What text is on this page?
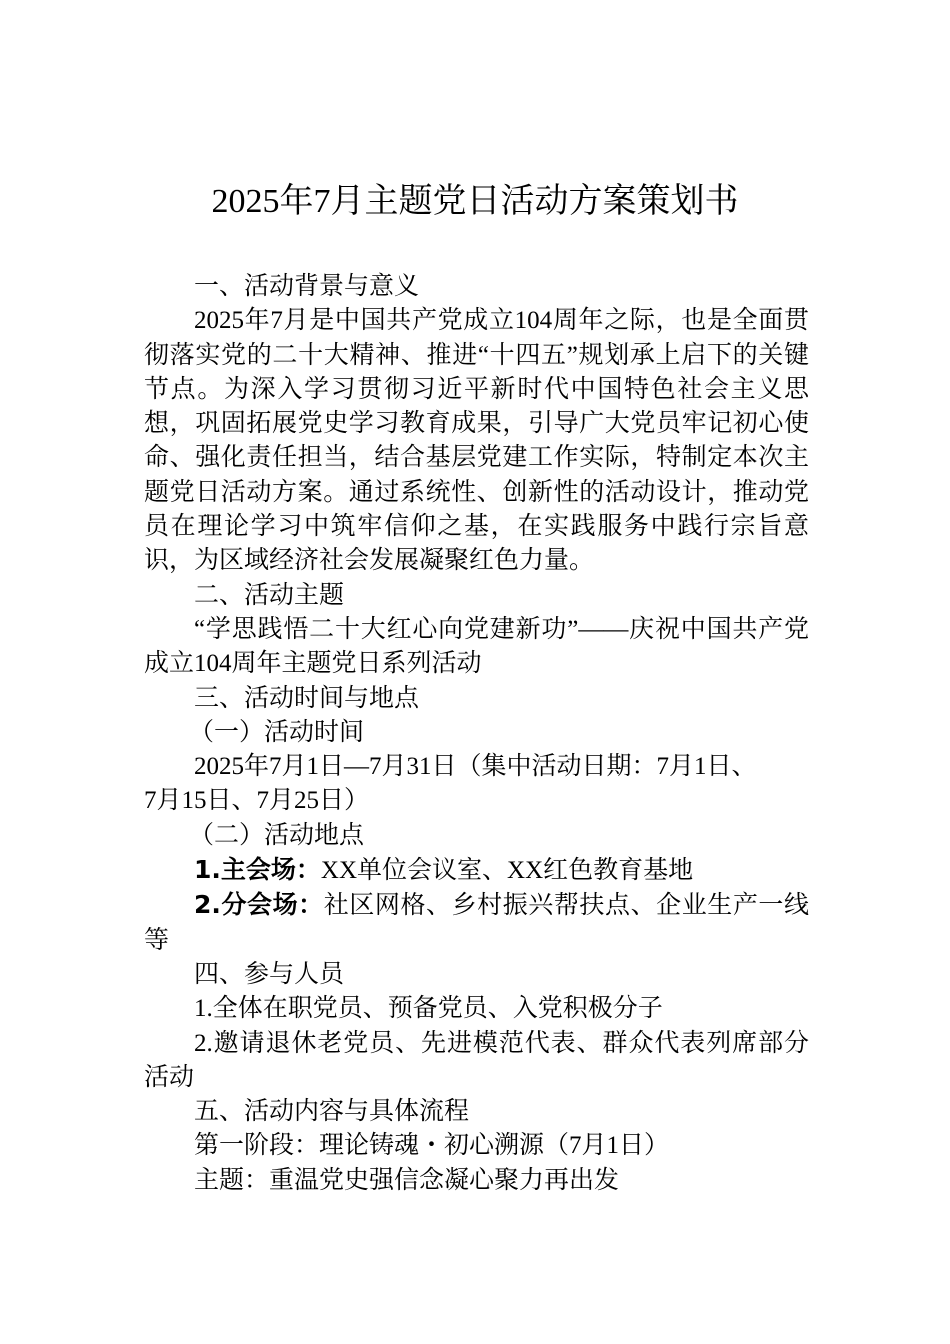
2025年7月主题党日活动方案策划书

一、活动背景与意义

2025年7月是中国共产党成立104周年之际，也是全面贯彻落实党的二十大精神、推进“十四五”规划承上启下的关键节点。为深入学习贯彻习近平新时代中国特色社会主义思想，巩固拓展党史学习教育成果，引导广大党员牢记初心使命、强化责任担当，结合基层党建工作实际，特制定本次主题党日活动方案。通过系统性、创新性的活动设计，推动党员在理论学习中筑牢信仰之基，在实践服务中践行宗旨意识，为区域经济社会发展凝聚红色力量。

二、活动主题

“学思践悟二十大红心向党建新功”——庆祝中国共产党成立104周年主题党日系列活动

三、活动时间与地点

（一）活动时间

2025年7月1日—7月31日（集中活动日期：7月1日、

7月15日、7月25日）

（二）活动地点

1.主会场：XX单位会议室、XX红色教育基地

2.分会场：社区网格、乡村振兴帮扶点、企业生产一线等

四、参与人员

1.全体在职党员、预备党员、入党积极分子

2.邀请退休老党员、先进模范代表、群众代表列席部分活动

五、活动内容与具体流程

第一阶段：理论铸魂・初心溯源（7月1日）

主题：重温党史强信念凝心聚力再出发
